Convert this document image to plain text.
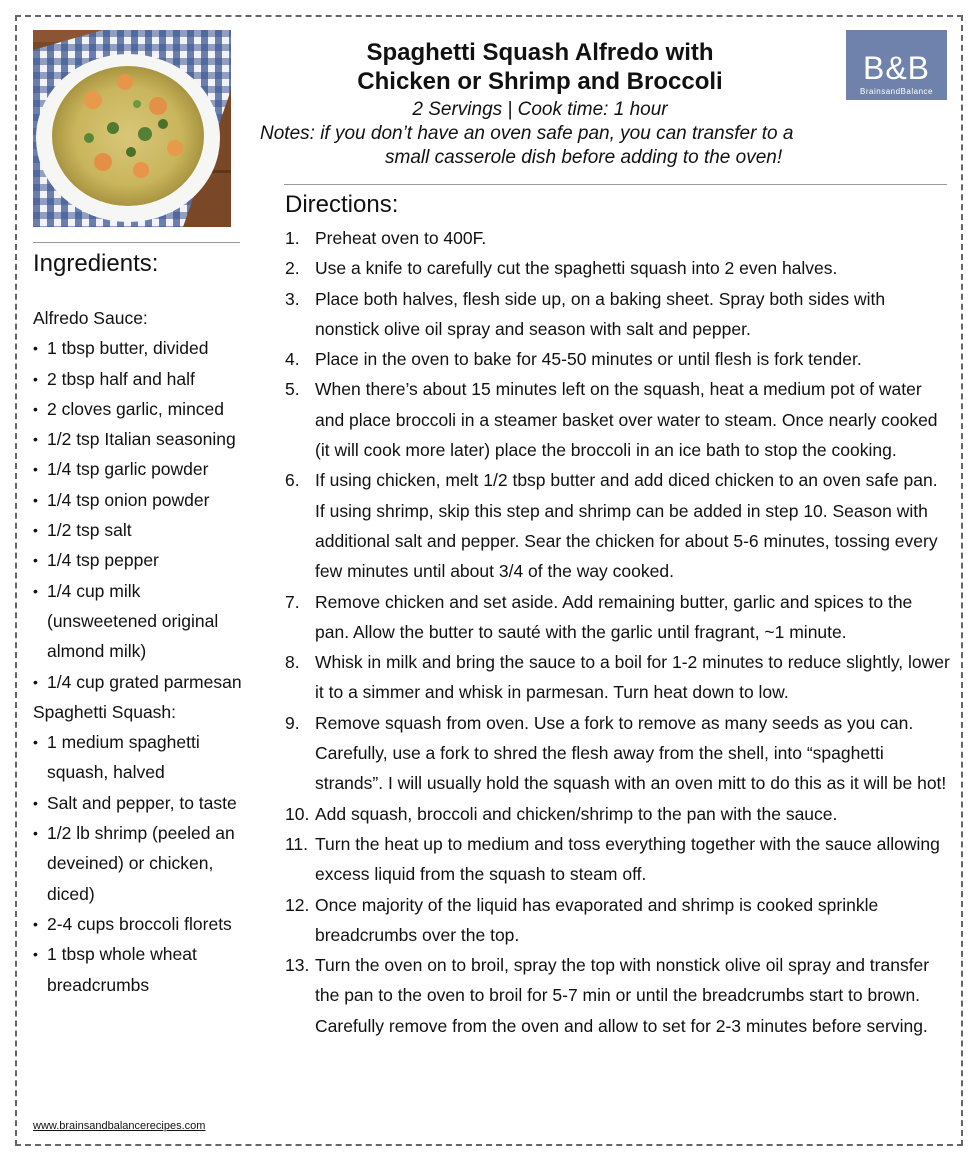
B&B
BrainsandBalance
Spaghetti Squash Alfredo with
Chicken or Shrimp and Broccoli
2 Servings | Cook time: 1 hour
Notes: if you don’t have an oven safe pan, you can transfer to a
small casserole dish before adding to the oven!
Ingredients:
Alfredo Sauce:
• 1 tbsp butter, divided
• 2 tbsp half and half
• 2 cloves garlic, minced
• 1/2 tsp Italian seasoning
• 1/4 tsp garlic powder
• 1/4 tsp onion powder
• 1/2 tsp salt
• 1/4 tsp pepper
• 1/4 cup milk (unsweetened original almond milk)
• 1/4 cup grated parmesan
Spaghetti Squash:
• 1 medium spaghetti squash, halved
• Salt and pepper, to taste
• 1/2 lb shrimp (peeled an deveined) or chicken, diced)
• 2-4 cups broccoli florets
• 1 tbsp whole wheat breadcrumbs
www.brainsandbalancerecipes.com
Directions:
1. Preheat oven to 400F.
2. Use a knife to carefully cut the spaghetti squash into 2 even halves.
3. Place both halves, flesh side up, on a baking sheet. Spray both sides with nonstick olive oil spray and season with salt and pepper.
4. Place in the oven to bake for 45-50 minutes or until flesh is fork tender.
5. When there’s about 15 minutes left on the squash, heat a medium pot of water and place broccoli in a steamer basket over water to steam. Once nearly cooked (it will cook more later) place the broccoli in an ice bath to stop the cooking.
6. If using chicken, melt 1/2 tbsp butter and add diced chicken to an oven safe pan. If using shrimp, skip this step and shrimp can be added in step 10. Season with additional salt and pepper. Sear the chicken for about 5-6 minutes, tossing every few minutes until about 3/4 of the way cooked.
7. Remove chicken and set aside. Add remaining butter, garlic and spices to the pan. Allow the butter to sauté with the garlic until fragrant, ~1 minute.
8. Whisk in milk and bring the sauce to a boil for 1-2 minutes to reduce slightly, lower it to a simmer and whisk in parmesan. Turn heat down to low.
9. Remove squash from oven. Use a fork to remove as many seeds as you can. Carefully, use a fork to shred the flesh away from the shell, into “spaghetti strands”. I will usually hold the squash with an oven mitt to do this as it will be hot!
10. Add squash, broccoli and chicken/shrimp to the pan with the sauce.
11. Turn the heat up to medium and toss everything together with the sauce allowing excess liquid from the squash to steam off.
12. Once majority of the liquid has evaporated and shrimp is cooked sprinkle breadcrumbs over the top.
13. Turn the oven on to broil, spray the top with nonstick olive oil spray and transfer the pan to the oven to broil for 5-7 min or until the breadcrumbs start to brown. Carefully remove from the oven and allow to set for 2-3 minutes before serving.
